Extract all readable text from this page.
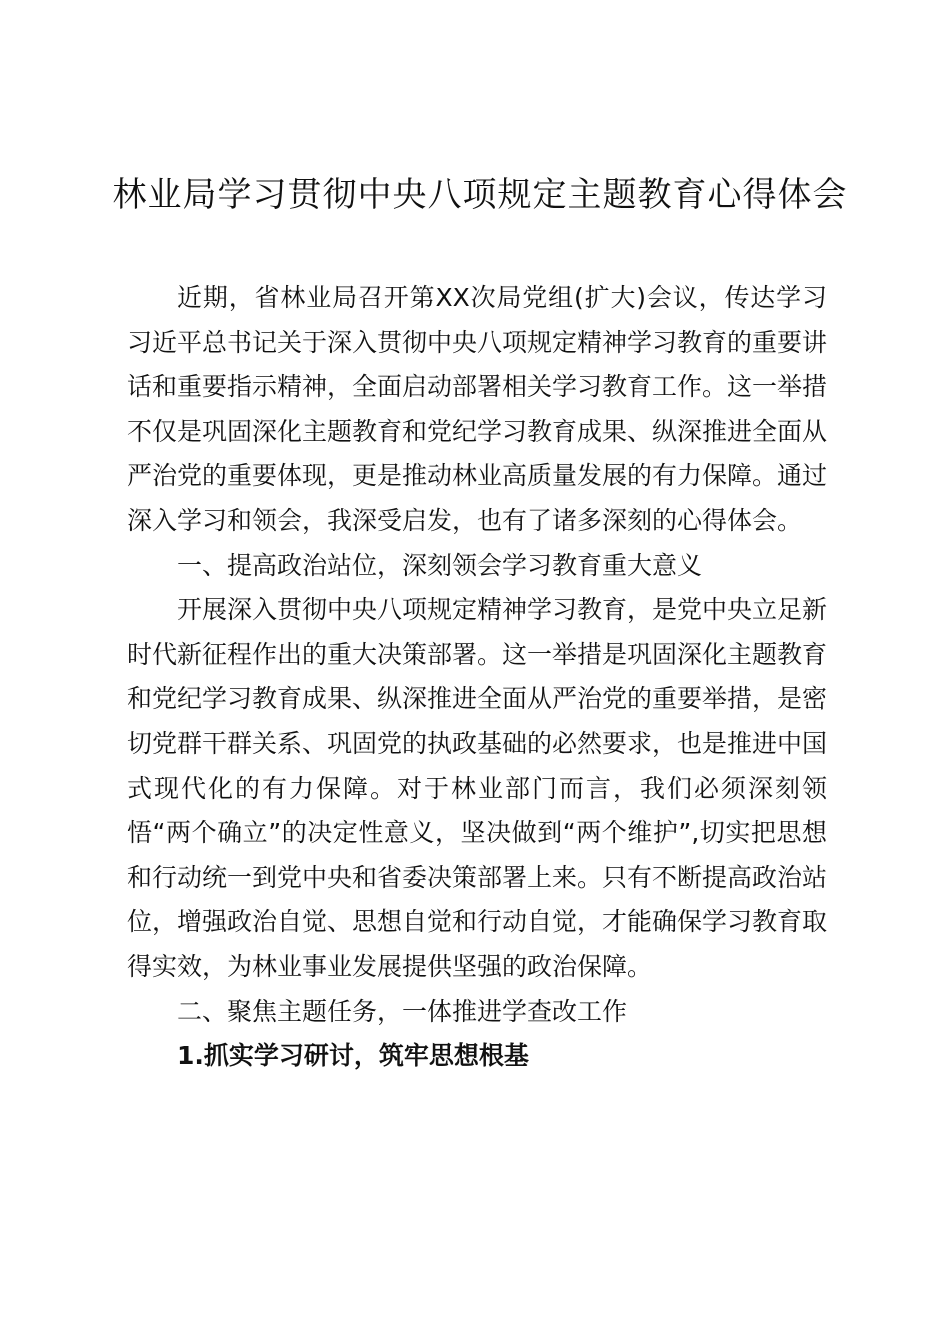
林业局学习贯彻中央八项规定主题教育心得体会

近期，省林业局召开第XX次局党组(扩大)会议，传达学习习近平总书记关于深入贯彻中央八项规定精神学习教育的重要讲话和重要指示精神，全面启动部署相关学习教育工作。这一举措不仅是巩固深化主题教育和党纪学习教育成果、纵深推进全面从严治党的重要体现，更是推动林业高质量发展的有力保障。通过深入学习和领会，我深受启发，也有了诸多深刻的心得体会。

一、提高政治站位，深刻领会学习教育重大意义

开展深入贯彻中央八项规定精神学习教育，是党中央立足新时代新征程作出的重大决策部署。这一举措是巩固深化主题教育和党纪学习教育成果、纵深推进全面从严治党的重要举措，是密切党群干群关系、巩固党的执政基础的必然要求，也是推进中国式现代化的有力保障。对于林业部门而言，我们必须深刻领悟“两个确立”的决定性意义，坚决做到“两个维护”,切实把思想和行动统一到党中央和省委决策部署上来。只有不断提高政治站位，增强政治自觉、思想自觉和行动自觉，才能确保学习教育取得实效，为林业事业发展提供坚强的政治保障。

二、聚焦主题任务，一体推进学查改工作

1.抓实学习研讨，筑牢思想根基
